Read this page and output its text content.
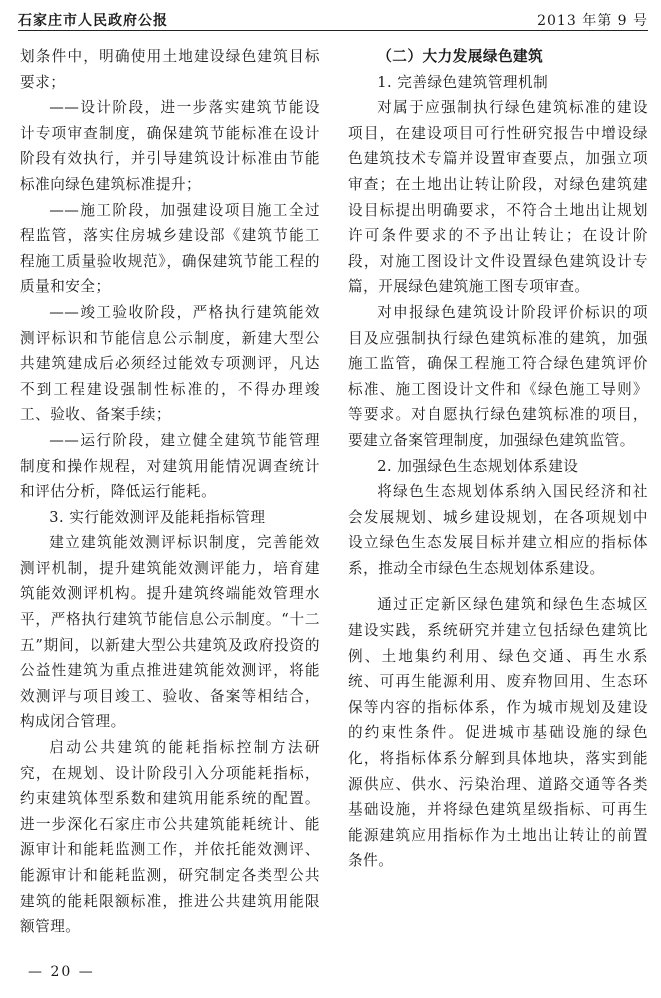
石家庄市人民政府公报	2013 年第 9 号

划条件中，明确使用土地建设绿色建筑目标要求；

——设计阶段，进一步落实建筑节能设计专项审查制度，确保建筑节能标准在设计阶段有效执行，并引导建筑设计标准由节能标准向绿色建筑标准提升；

——施工阶段，加强建设项目施工全过程监管，落实住房城乡建设部《建筑节能工程施工质量验收规范》，确保建筑节能工程的质量和安全；

——竣工验收阶段，严格执行建筑能效测评标识和节能信息公示制度，新建大型公共建筑建成后必须经过能效专项测评，凡达不到工程建设强制性标准的，不得办理竣工、验收、备案手续；

——运行阶段，建立健全建筑节能管理制度和操作规程，对建筑用能情况调查统计和评估分析，降低运行能耗。

3. 实行能效测评及能耗指标管理

建立建筑能效测评标识制度，完善能效测评机制，提升建筑能效测评能力，培育建筑能效测评机构。提升建筑终端能效管理水平，严格执行建筑节能信息公示制度。“十二五”期间，以新建大型公共建筑及政府投资的公益性建筑为重点推进建筑能效测评，将能效测评与项目竣工、验收、备案等相结合，构成闭合管理。

启动公共建筑的能耗指标控制方法研究，在规划、设计阶段引入分项能耗指标，约束建筑体型系数和建筑用能系统的配置。进一步深化石家庄市公共建筑能耗统计、能源审计和能耗监测工作，并依托能效测评、能源审计和能耗监测，研究制定各类型公共建筑的能耗限额标准，推进公共建筑用能限额管理。

（二）大力发展绿色建筑

1. 完善绿色建筑管理机制

对属于应强制执行绿色建筑标准的建设项目，在建设项目可行性研究报告中增设绿色建筑技术专篇并设置审查要点，加强立项审查；在土地出让转让阶段，对绿色建筑建设目标提出明确要求，不符合土地出让规划许可条件要求的不予出让转让；在设计阶段，对施工图设计文件设置绿色建筑设计专篇，开展绿色建筑施工图专项审查。

对申报绿色建筑设计阶段评价标识的项目及应强制执行绿色建筑标准的建筑，加强施工监管，确保工程施工符合绿色建筑评价标准、施工图设计文件和《绿色施工导则》等要求。对自愿执行绿色建筑标准的项目，要建立备案管理制度，加强绿色建筑监管。

2. 加强绿色生态规划体系建设

将绿色生态规划体系纳入国民经济和社会发展规划、城乡建设规划，在各项规划中设立绿色生态发展目标并建立相应的指标体系，推动全市绿色生态规划体系建设。

通过正定新区绿色建筑和绿色生态城区建设实践，系统研究并建立包括绿色建筑比例、土地集约利用、绿色交通、再生水系统、可再生能源利用、废弃物回用、生态环保等内容的指标体系，作为城市规划及建设的约束性条件。促进城市基础设施的绿色化，将指标体系分解到具体地块，落实到能源供应、供水、污染治理、道路交通等各类基础设施，并将绿色建筑星级指标、可再生能源建筑应用指标作为土地出让转让的前置条件。

— 20 —
